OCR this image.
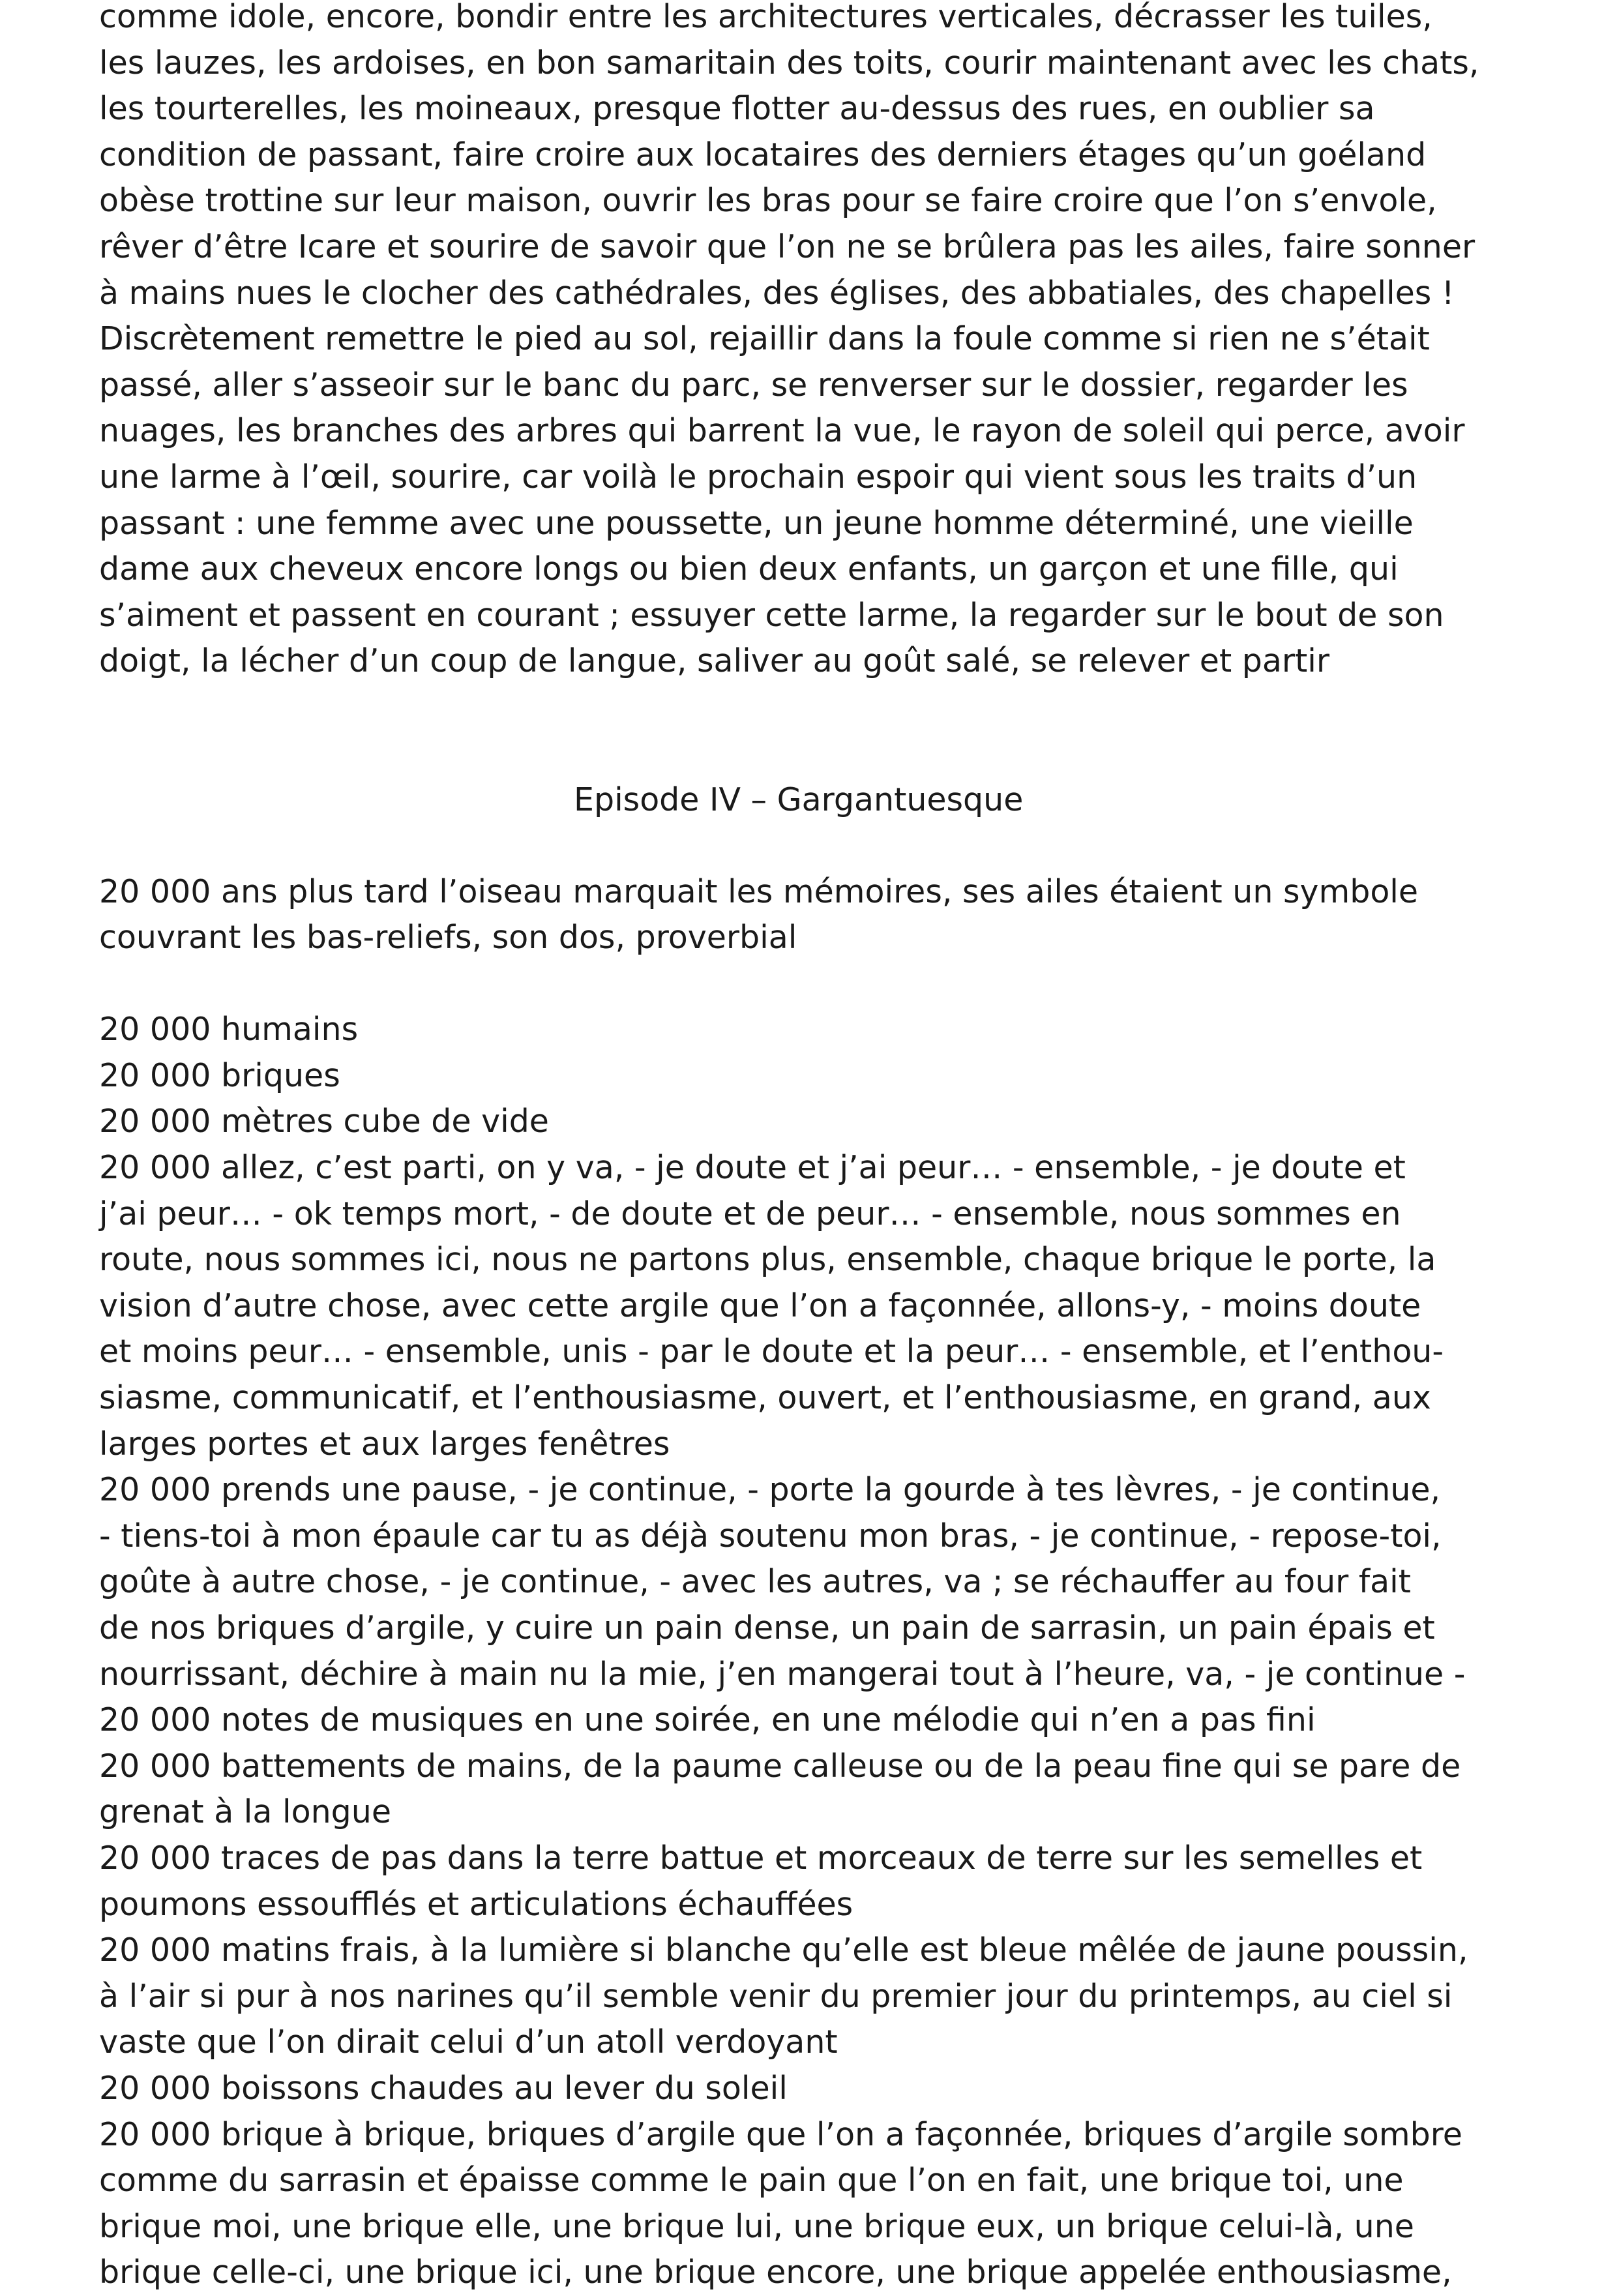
comme idole, encore, bondir entre les architectures verticales, décrasser les tuiles,

les lauzes, les ardoises, en bon samaritain des toits, courir maintenant avec les chats,

les tourterelles, les moineaux, presque flotter au-dessus des rues, en oublier sa

condition de passant, faire croire aux locataires des derniers étages qu’un goéland

obèse trottine sur leur maison, ouvrir les bras pour se faire croire que l’on s’envole,

rêver d’être Icare et sourire de savoir que l’on ne se brûlera pas les ailes, faire sonner

à mains nues le clocher des cathédrales, des églises, des abbatiales, des chapelles !

Discrètement remettre le pied au sol, rejaillir dans la foule comme si rien ne s’était

passé, aller s’asseoir sur le banc du parc, se renverser sur le dossier, regarder les

nuages, les branches des arbres qui barrent la vue, le rayon de soleil qui perce, avoir

une larme à l’œil, sourire, car voilà le prochain espoir qui vient sous les traits d’un

passant : une femme avec une poussette, un jeune homme déterminé, une vieille

dame aux cheveux encore longs ou bien deux enfants, un garçon et une fille, qui

s’aiment et passent en courant ; essuyer cette larme, la regarder sur le bout de son

doigt, la lécher d’un coup de langue, saliver au goût salé, se relever et partir

Episode IV – Gargantuesque

20 000 ans plus tard l’oiseau marquait les mémoires, ses ailes étaient un symbole

couvrant les bas-reliefs, son dos, proverbial

20 000 humains

20 000 briques

20 000 mètres cube de vide

20 000 allez, c’est parti, on y va, - je doute et j’ai peur… - ensemble, - je doute et

j’ai peur… - ok temps mort, - de doute et de peur… - ensemble, nous sommes en

route, nous sommes ici, nous ne partons plus, ensemble, chaque brique le porte, la

vision d’autre chose, avec cette argile que l’on a façonnée, allons-y, - moins doute

et moins peur… - ensemble, unis - par le doute et la peur… - ensemble, et l’enthou-

siasme, communicatif, et l’enthousiasme, ouvert, et l’enthousiasme, en grand, aux

larges portes et aux larges fenêtres

20 000 prends une pause, - je continue, - porte la gourde à tes lèvres, - je continue,

- tiens-toi à mon épaule car tu as déjà soutenu mon bras, - je continue, - repose-toi,

goûte à autre chose, - je continue, - avec les autres, va ; se réchauffer au four fait

de nos briques d’argile, y cuire un pain dense, un pain de sarrasin, un pain épais et

nourrissant, déchire à main nu la mie, j’en mangerai tout à l’heure, va, - je continue -

20 000 notes de musiques en une soirée, en une mélodie qui n’en a pas fini

20 000 battements de mains, de la paume calleuse ou de la peau fine qui se pare de

grenat à la longue

20 000 traces de pas dans la terre battue et morceaux de terre sur les semelles et

poumons essoufflés et articulations échauffées

20 000 matins frais, à la lumière si blanche qu’elle est bleue mêlée de jaune poussin,

à l’air si pur à nos narines qu’il semble venir du premier jour du printemps, au ciel si

vaste que l’on dirait celui d’un atoll verdoyant

20 000 boissons chaudes au lever du soleil

20 000 brique à brique, briques d’argile que l’on a façonnée, briques d’argile sombre

comme du sarrasin et épaisse comme le pain que l’on en fait, une brique toi, une

brique moi, une brique elle, une brique lui, une brique eux, un brique celui-là, une

brique celle-ci, une brique ici, une brique encore, une brique appelée enthousiasme,
